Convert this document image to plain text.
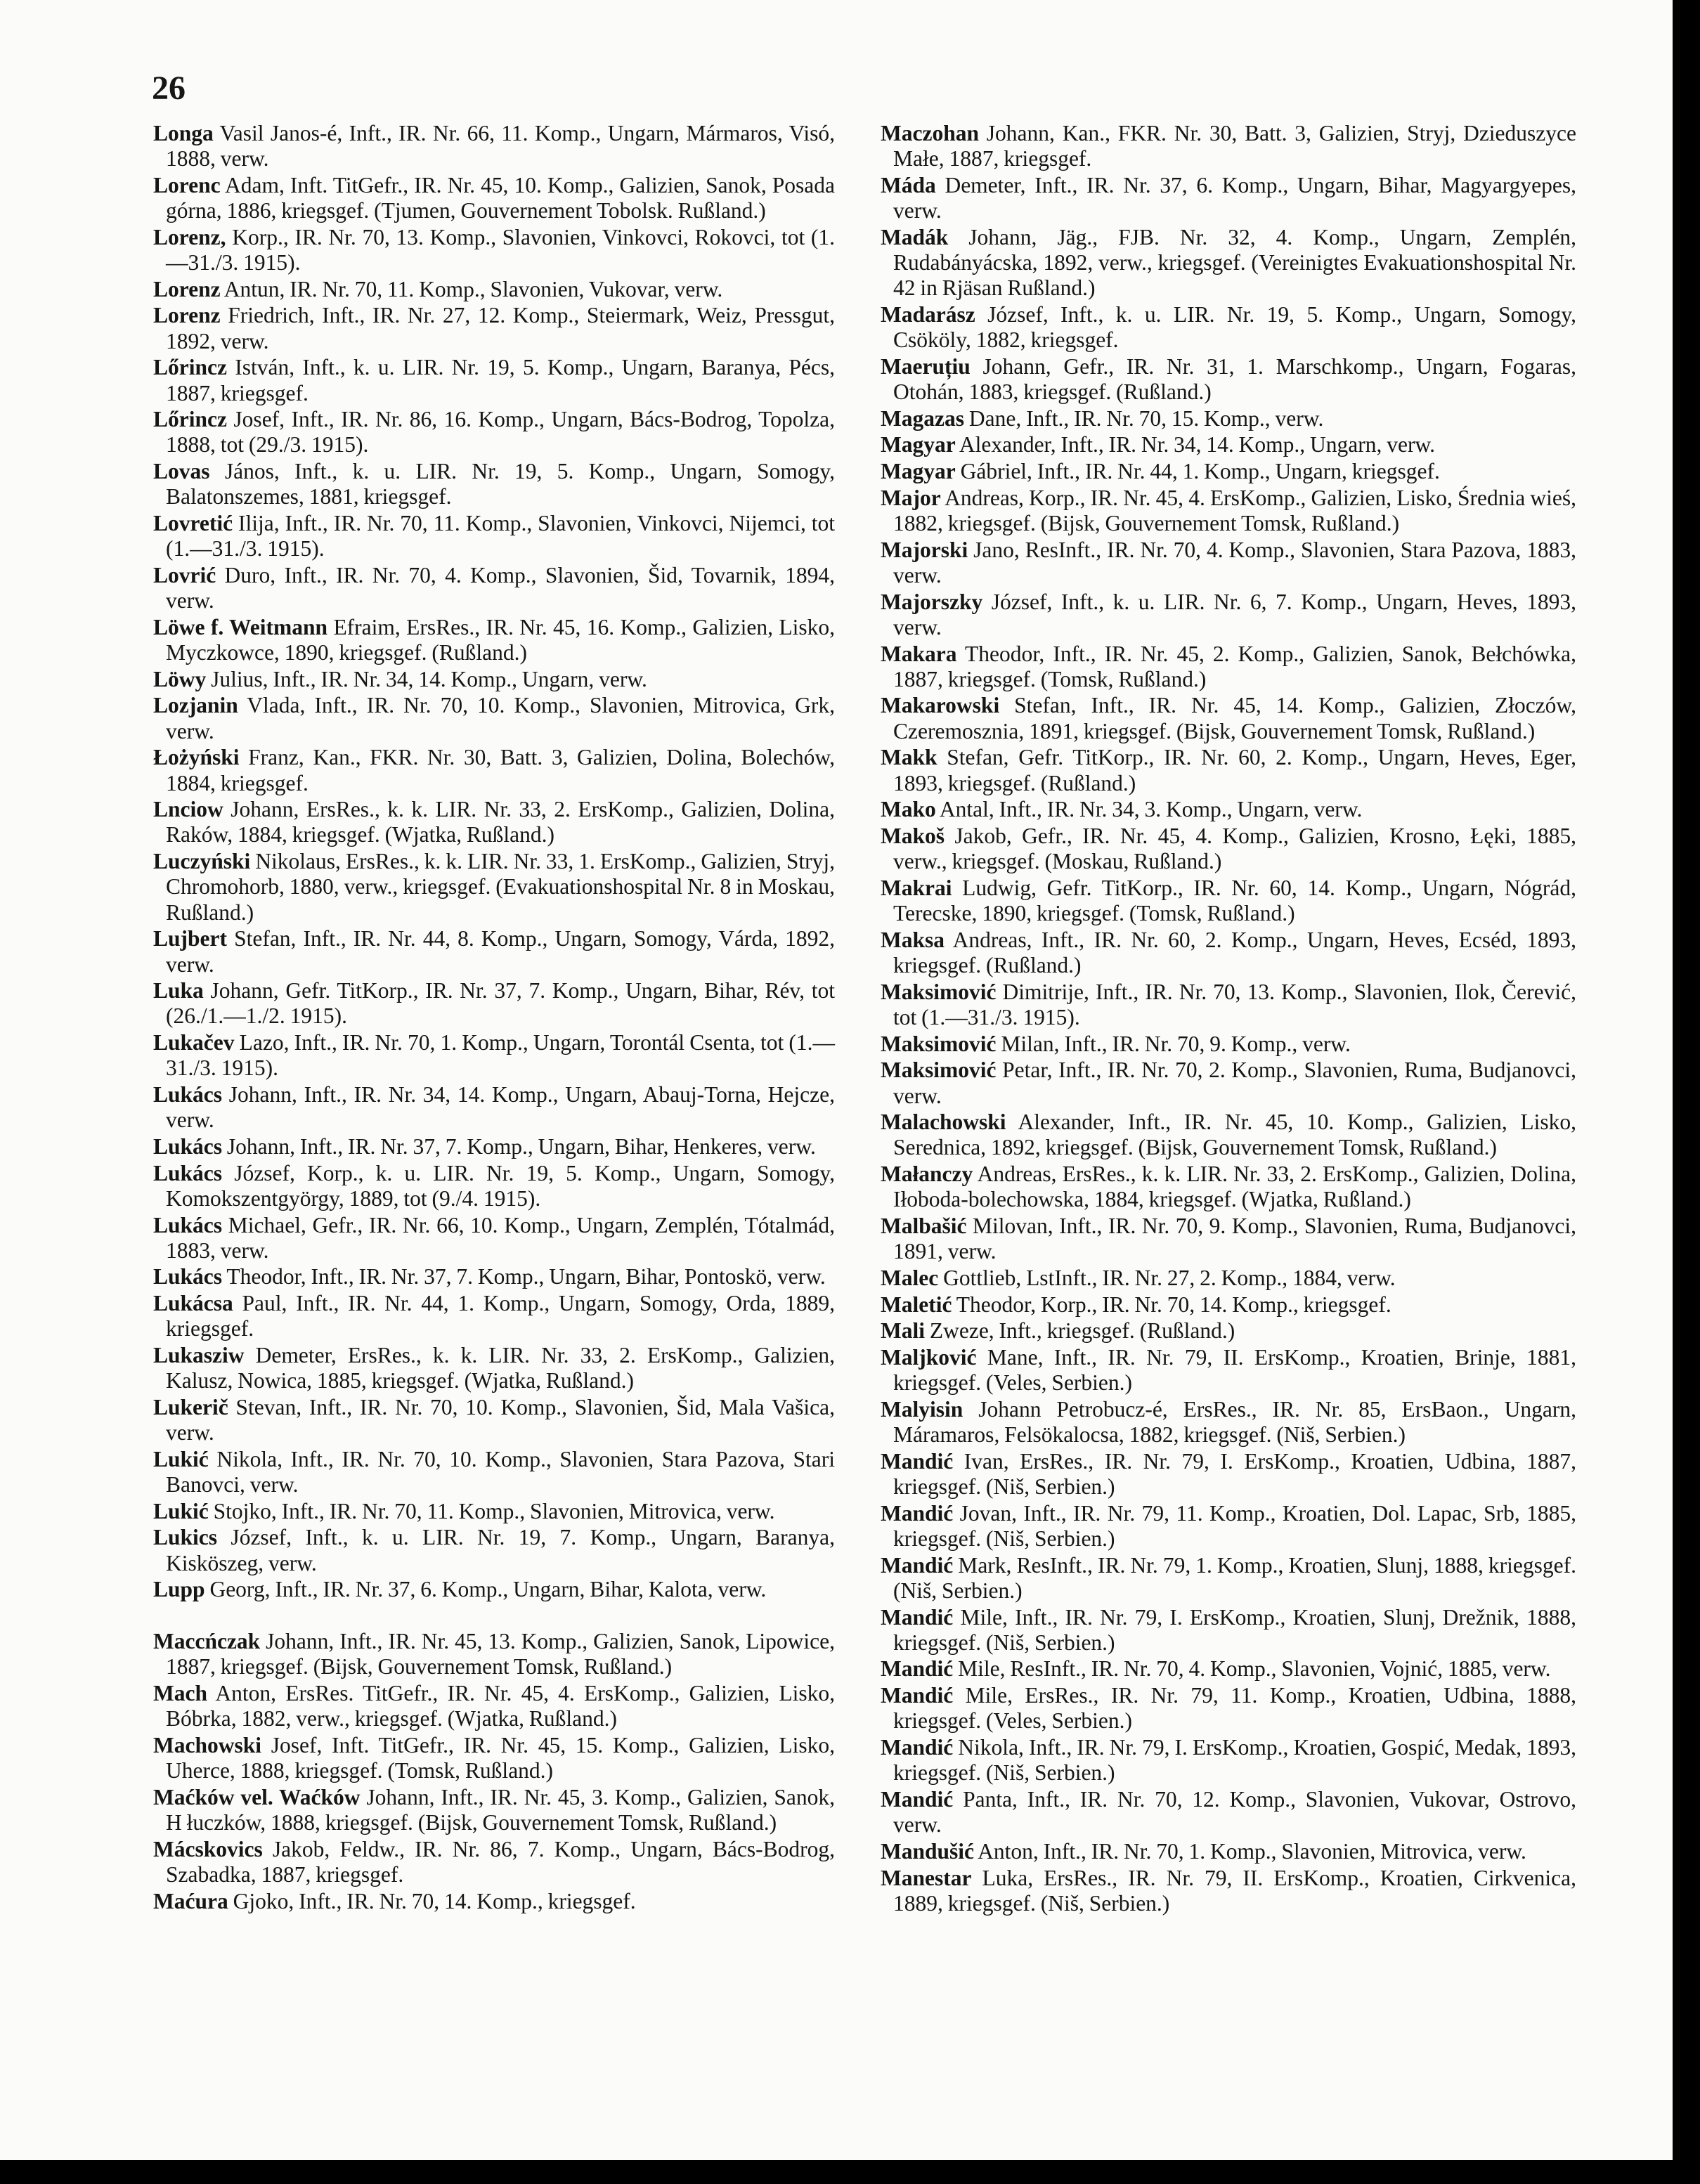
26

Longa Vasil Janos-é, Inft., IR. Nr. 66, 11. Komp., Ungarn, Mármaros, Visó, 1888, verw.

Lorenc Adam, Inft. TitGefr., IR. Nr. 45, 10. Komp., Galizien, Sanok, Posada górna, 1886, kriegsgef. (Tjumen, Gouvernement Tobolsk. Rußland.)

Lorenz, Korp., IR. Nr. 70, 13. Komp., Slavonien, Vinkovci, Rokovci, tot (1.—31./3. 1915).

Lorenz Antun, IR. Nr. 70, 11. Komp., Slavonien, Vukovar, verw.

Lorenz Friedrich, Inft., IR. Nr. 27, 12. Komp., Steiermark, Weiz, Pressgut, 1892, verw.

Lőrincz István, Inft., k. u. LIR. Nr. 19, 5. Komp., Ungarn, Baranya, Pécs, 1887, kriegsgef.

Lőrincz Josef, Inft., IR. Nr. 86, 16. Komp., Ungarn, Bács-Bodrog, Topolza, 1888, tot (29./3. 1915).

Lovas János, Inft., k. u. LIR. Nr. 19, 5. Komp., Ungarn, Somogy, Balatonszemes, 1881, kriegsgef.

Lovretić Ilija, Inft., IR. Nr. 70, 11. Komp., Slavonien, Vinkovci, Nijemci, tot (1.—31./3. 1915).

Lovrić Duro, Inft., IR. Nr. 70, 4. Komp., Slavonien, Šid, Tovarnik, 1894, verw.

Löwe f. Weitmann Efraim, ErsRes., IR. Nr. 45, 16. Komp., Galizien, Lisko, Myczkowce, 1890, kriegsgef. (Rußland.)

Löwy Julius, Inft., IR. Nr. 34, 14. Komp., Ungarn, verw.

Lozjanin Vlada, Inft., IR. Nr. 70, 10. Komp., Slavonien, Mitrovica, Grk, verw.

Łożyński Franz, Kan., FKR. Nr. 30, Batt. 3, Galizien, Dolina, Bolechów, 1884, kriegsgef.

Lnciow Johann, ErsRes., k. k. LIR. Nr. 33, 2. ErsKomp., Galizien, Dolina, Raków, 1884, kriegsgef. (Wjatka, Rußland.)

Luczyński Nikolaus, ErsRes., k. k. LIR. Nr. 33, 1. ErsKomp., Galizien, Stryj, Chromohorb, 1880, verw., kriegsgef. (Evakuationshospital Nr. 8 in Moskau, Rußland.)

Lujbert Stefan, Inft., IR. Nr. 44, 8. Komp., Ungarn, Somogy, Várda, 1892, verw.

Luka Johann, Gefr. TitKorp., IR. Nr. 37, 7. Komp., Ungarn, Bihar, Rév, tot (26./1.—1./2. 1915).

Lukačev Lazo, Inft., IR. Nr. 70, 1. Komp., Ungarn, Torontál Csenta, tot (1.—31./3. 1915).

Lukács Johann, Inft., IR. Nr. 34, 14. Komp., Ungarn, Abauj-Torna, Hejcze, verw.

Lukács Johann, Inft., IR. Nr. 37, 7. Komp., Ungarn, Bihar, Henkeres, verw.

Lukács József, Korp., k. u. LIR. Nr. 19, 5. Komp., Ungarn, Somogy, Komokszentgyörgy, 1889, tot (9./4. 1915).

Lukács Michael, Gefr., IR. Nr. 66, 10. Komp., Ungarn, Zemplén, Tótalmád, 1883, verw.

Lukács Theodor, Inft., IR. Nr. 37, 7. Komp., Ungarn, Bihar, Pontoskö, verw.

Lukácsa Paul, Inft., IR. Nr. 44, 1. Komp., Ungarn, Somogy, Orda, 1889, kriegsgef.

Lukaszіw Demeter, ErsRes., k. k. LIR. Nr. 33, 2. ErsKomp., Galizien, Kalusz, Nowica, 1885, kriegsgef. (Wjatka, Rußland.)

Lukerič Stevan, Inft., IR. Nr. 70, 10. Komp., Slavonien, Šid, Mala Vašica, verw.

Lukić Nikola, Inft., IR. Nr. 70, 10. Komp., Slavonien, Stara Pazova, Stari Banovci, verw.

Lukić Stojko, Inft., IR. Nr. 70, 11. Komp., Slavonien, Mitrovica, verw.

Lukics József, Inft., k. u. LIR. Nr. 19, 7. Komp., Ungarn, Baranya, Kisköszeg, verw.

Lupp Georg, Inft., IR. Nr. 37, 6. Komp., Ungarn, Bihar, Kalota, verw.

Maccńczak Johann, Inft., IR. Nr. 45, 13. Komp., Galizien, Sanok, Lipowice, 1887, kriegsgef. (Bijsk, Gouvernement Tomsk, Rußland.)

Mach Anton, ErsRes. TitGefr., IR. Nr. 45, 4. ErsKomp., Galizien, Lisko, Bóbrka, 1882, verw., kriegsgef. (Wjatka, Rußland.)

Machowski Josef, Inft. TitGefr., IR. Nr. 45, 15. Komp., Galizien, Lisko, Uherce, 1888, kriegsgef. (Tomsk, Rußland.)

Maćków vel. Waćków Johann, Inft., IR. Nr. 45, 3. Komp., Galizien, Sanok, H łuczków, 1888, kriegsgef. (Bijsk, Gouvernement Tomsk, Rußland.)

Mácskovics Jakob, Feldw., IR. Nr. 86, 7. Komp., Ungarn, Bács-Bodrog, Szabadka, 1887, kriegsgef.

Maćura Gjoko, Inft., IR. Nr. 70, 14. Komp., kriegsgef.

Maczohan Johann, Kan., FKR. Nr. 30, Batt. 3, Galizien, Stryj, Dzieduszyce Małe, 1887, kriegsgef.

Máda Demeter, Inft., IR. Nr. 37, 6. Komp., Ungarn, Bihar, Magyargyepes, verw.

Madák Johann, Jäg., FJB. Nr. 32, 4. Komp., Ungarn, Zemplén, Rudabányácska, 1892, verw., kriegsgef. (Vereinigtes Evakuationshospital Nr. 42 in Rjäsan Rußland.)

Madarász József, Inft., k. u. LIR. Nr. 19, 5. Komp., Ungarn, Somogy, Csököly, 1882, kriegsgef.

Maeruțiu Johann, Gefr., IR. Nr. 31, 1. Marschkomp., Ungarn, Fogaras, Otohán, 1883, kriegsgef. (Rußland.)

Magazas Dane, Inft., IR. Nr. 70, 15. Komp., verw.

Magyar Alexander, Inft., IR. Nr. 34, 14. Komp., Ungarn, verw.

Magyar Gábriel, Inft., IR. Nr. 44, 1. Komp., Ungarn, kriegsgef.

Major Andreas, Korp., IR. Nr. 45, 4. ErsKomp., Galizien, Lisko, Średnia wieś, 1882, kriegsgef. (Bijsk, Gouvernement Tomsk, Rußland.)

Majorski Jano, ResInft., IR. Nr. 70, 4. Komp., Slavonien, Stara Pazova, 1883, verw.

Majorszky József, Inft., k. u. LIR. Nr. 6, 7. Komp., Ungarn, Heves, 1893, verw.

Makara Theodor, Inft., IR. Nr. 45, 2. Komp., Galizien, Sanok, Bełchówka, 1887, kriegsgef. (Tomsk, Rußland.)

Makarowski Stefan, Inft., IR. Nr. 45, 14. Komp., Galizien, Złoczów, Czeremosznia, 1891, kriegsgef. (Bijsk, Gouvernement Tomsk, Rußland.)

Makk Stefan, Gefr. TitKorp., IR. Nr. 60, 2. Komp., Ungarn, Heves, Eger, 1893, kriegsgef. (Rußland.)

Mako Antal, Inft., IR. Nr. 34, 3. Komp., Ungarn, verw.

Makoš Jakob, Gefr., IR. Nr. 45, 4. Komp., Galizien, Krosno, Łęki, 1885, verw., kriegsgef. (Moskau, Rußland.)

Makrai Ludwig, Gefr. TitKorp., IR. Nr. 60, 14. Komp., Ungarn, Nógrád, Terecske, 1890, kriegsgef. (Tomsk, Rußland.)

Maksa Andreas, Inft., IR. Nr. 60, 2. Komp., Ungarn, Heves, Ecséd, 1893, kriegsgef. (Rußland.)

Maksimović Dimitrije, Inft., IR. Nr. 70, 13. Komp., Slavonien, Ilok, Čerević, tot (1.—31./3. 1915).

Maksimović Milan, Inft., IR. Nr. 70, 9. Komp., verw.

Maksimović Petar, Inft., IR. Nr. 70, 2. Komp., Slavonien, Ruma, Budjanovci, verw.

Malachowski Alexander, Inft., IR. Nr. 45, 10. Komp., Galizien, Lisko, Serednica, 1892, kriegsgef. (Bijsk, Gouvernement Tomsk, Rußland.)

Małanczy Andreas, ErsRes., k. k. LIR. Nr. 33, 2. ErsKomp., Galizien, Dolina, Iłoboda-bolechowska, 1884, kriegsgef. (Wjatka, Rußland.)

Malbašić Milovan, Inft., IR. Nr. 70, 9. Komp., Slavonien, Ruma, Budjanovci, 1891, verw.

Malec Gottlieb, LstInft., IR. Nr. 27, 2. Komp., 1884, verw.

Maletić Theodor, Korp., IR. Nr. 70, 14. Komp., kriegsgef.

Mali Zweze, Inft., kriegsgef. (Rußland.)

Maljković Mane, Inft., IR. Nr. 79, II. ErsKomp., Kroatien, Brinje, 1881, kriegsgef. (Veles, Serbien.)

Malyisin Johann Petrobucz-é, ErsRes., IR. Nr. 85, ErsBaon., Ungarn, Máramaros, Felsökalocsa, 1882, kriegsgef. (Niš, Serbien.)

Mandić Ivan, ErsRes., IR. Nr. 79, I. ErsKomp., Kroatien, Udbina, 1887, kriegsgef. (Niš, Serbien.)

Mandić Jovan, Inft., IR. Nr. 79, 11. Komp., Kroatien, Dol. Lapac, Srb, 1885, kriegsgef. (Niš, Serbien.)

Mandić Mark, ResInft., IR. Nr. 79, 1. Komp., Kroatien, Slunj, 1888, kriegsgef. (Niš, Serbien.)

Mandić Mile, Inft., IR. Nr. 79, I. ErsKomp., Kroatien, Slunj, Drežnik, 1888, kriegsgef. (Niš, Serbien.)

Mandić Mile, ResInft., IR. Nr. 70, 4. Komp., Slavonien, Vojnić, 1885, verw.

Mandić Mile, ErsRes., IR. Nr. 79, 11. Komp., Kroatien, Udbina, 1888, kriegsgef. (Veles, Serbien.)

Mandić Nikola, Inft., IR. Nr. 79, I. ErsKomp., Kroatien, Gospić, Medak, 1893, kriegsgef. (Niš, Serbien.)

Mandić Panta, Inft., IR. Nr. 70, 12. Komp., Slavonien, Vukovar, Ostrovo, verw.

Mandušić Anton, Inft., IR. Nr. 70, 1. Komp., Slavonien, Mitrovica, verw.

Manestar Luka, ErsRes., IR. Nr. 79, II. ErsKomp., Kroatien, Cirkvenica, 1889, kriegsgef. (Niš, Serbien.)
